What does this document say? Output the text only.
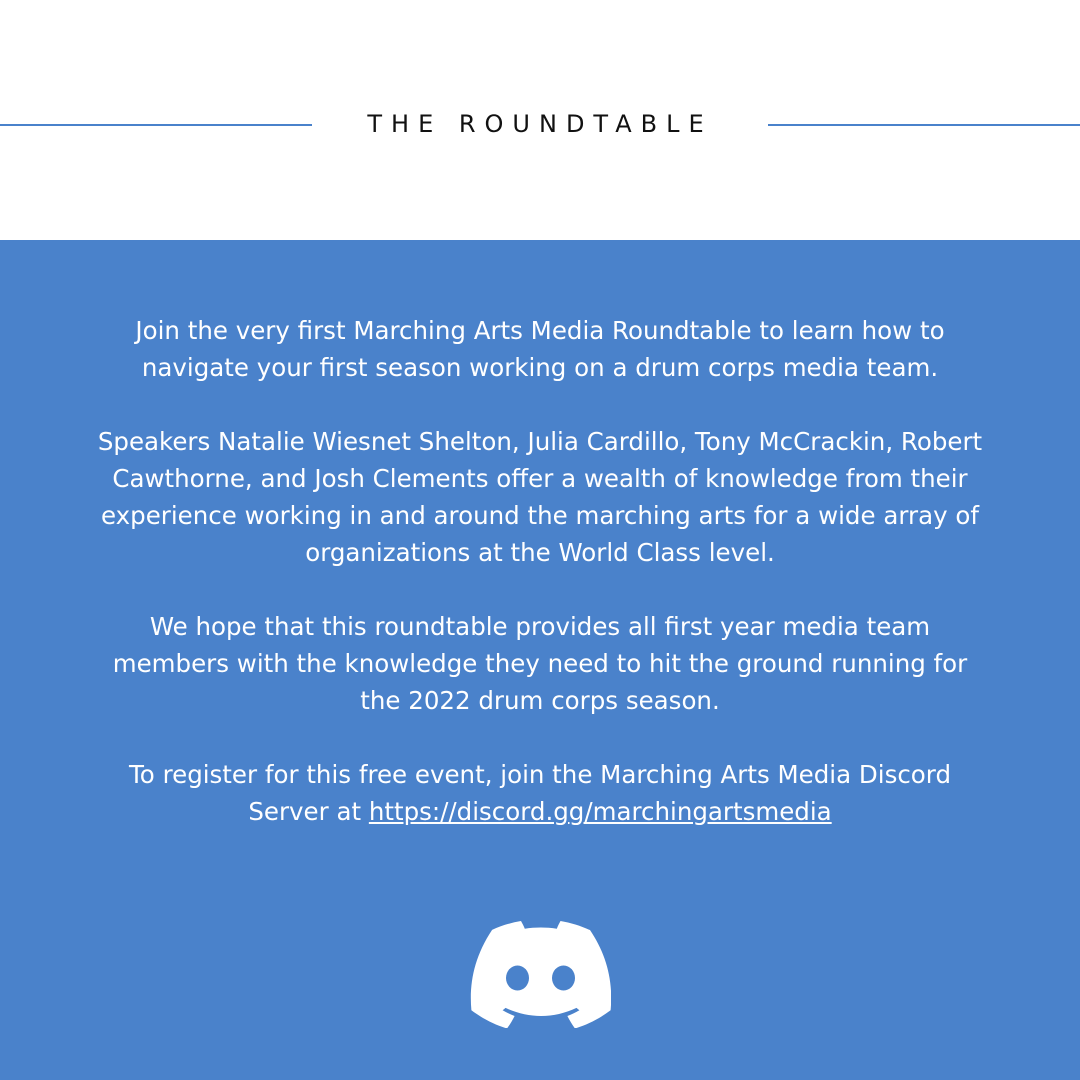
THE ROUNDTABLE

Join the very first Marching Arts Media Roundtable to learn how to navigate your first season working on a drum corps media team.

Speakers Natalie Wiesnet Shelton, Julia Cardillo, Tony McCrackin, Robert Cawthorne, and Josh Clements offer a wealth of knowledge from their experience working in and around the marching arts for a wide array of organizations at the World Class level.

We hope that this roundtable provides all first year media team members with the knowledge they need to hit the ground running for the 2022 drum corps season.

To register for this free event, join the Marching Arts Media Discord Server at https://discord.gg/marchingartsmedia
